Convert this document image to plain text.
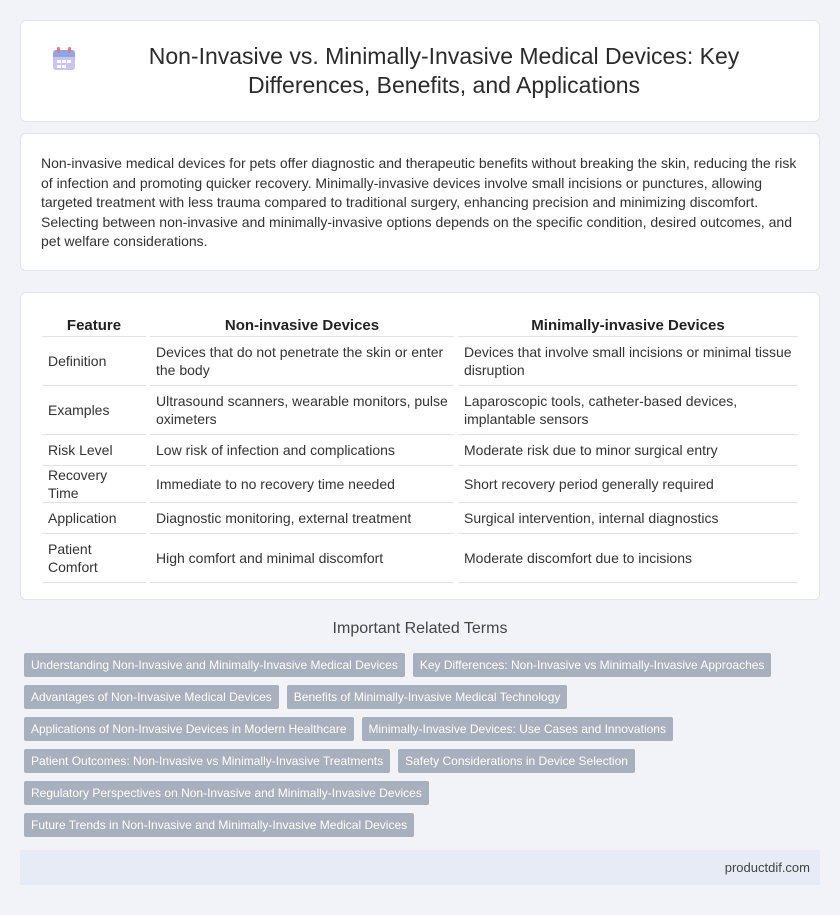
Non-Invasive vs. Minimally-Invasive Medical Devices: Key Differences, Benefits, and Applications

Non-invasive medical devices for pets offer diagnostic and therapeutic benefits without breaking the skin, reducing the risk of infection and promoting quicker recovery. Minimally-invasive devices involve small incisions or punctures, allowing targeted treatment with less trauma compared to traditional surgery, enhancing precision and minimizing discomfort. Selecting between non-invasive and minimally-invasive options depends on the specific condition, desired outcomes, and pet welfare considerations.

Feature		Non-invasive Devices		Minimally-invasive Devices
Definition		Devices that do not penetrate the skin or enter the body		Devices that involve small incisions or minimal tissue disruption
Examples		Ultrasound scanners, wearable monitors, pulse oximeters		Laparoscopic tools, catheter-based devices, implantable sensors
Risk Level		Low risk of infection and complications		Moderate risk due to minor surgical entry
Recovery Time		Immediate to no recovery time needed		Short recovery period generally required
Application		Diagnostic monitoring, external treatment		Surgical intervention, internal diagnostics
Patient Comfort		High comfort and minimal discomfort		Moderate discomfort due to incisions
Important Related Terms
Understanding Non-Invasive and Minimally-Invasive Medical Devices	Key Differences: Non-Invasive vs Minimally-Invasive Approaches
Advantages of Non-Invasive Medical Devices	Benefits of Minimally-Invasive Medical Technology
Applications of Non-Invasive Devices in Modern Healthcare	Minimally-Invasive Devices: Use Cases and Innovations
Patient Outcomes: Non-Invasive vs Minimally-Invasive Treatments	Safety Considerations in Device Selection
Regulatory Perspectives on Non-Invasive and Minimally-Invasive Devices
Future Trends in Non-Invasive and Minimally-Invasive Medical Devices
productdif.com
